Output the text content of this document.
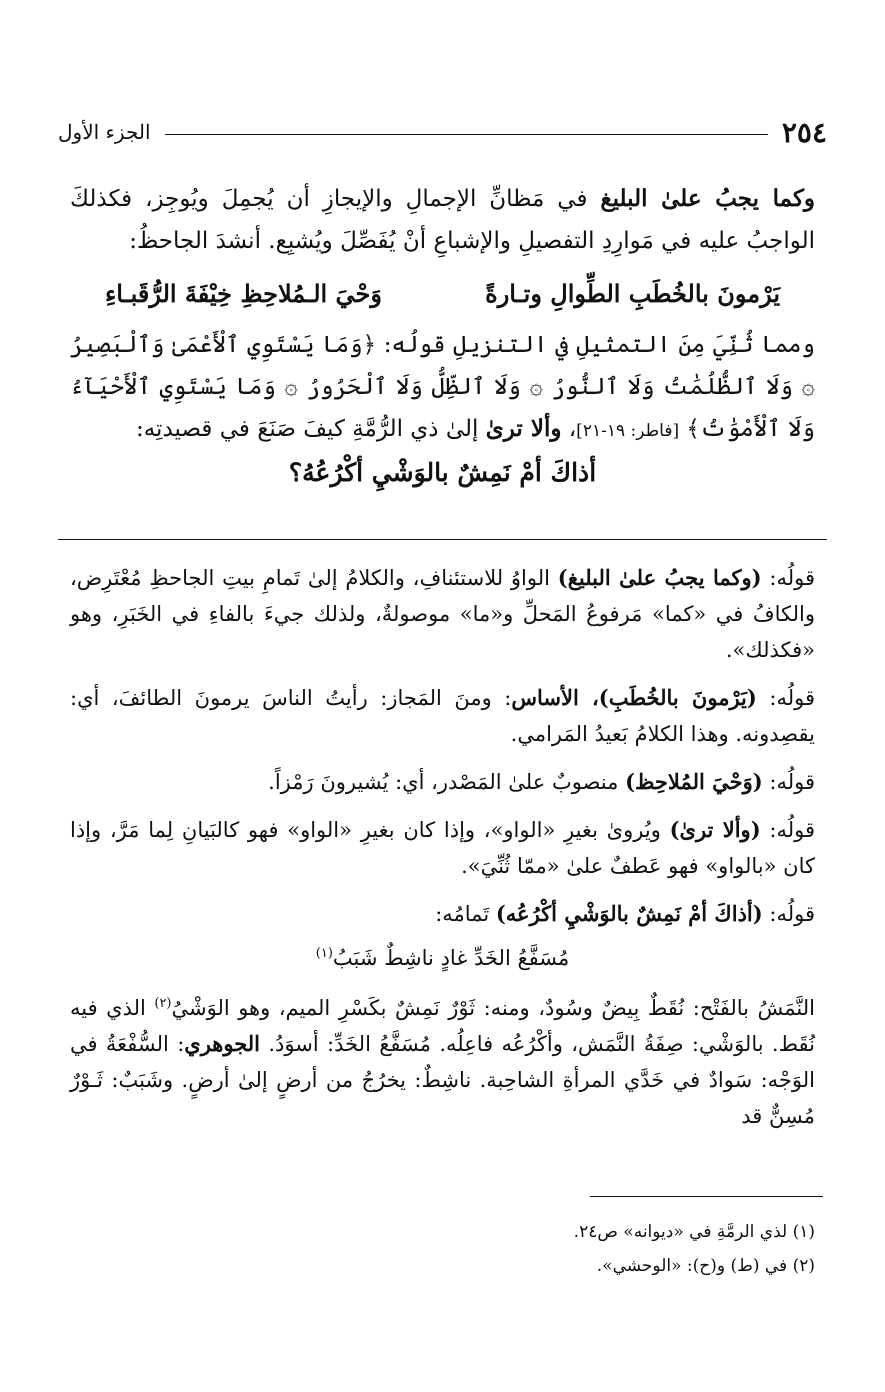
٢٥٤
الجزء الأول

وكما يجبُ علىٰ البليغ في مَظانِّ الإجمالِ والإيجازِ أن يُجمِلَ ويُوجِز، فكذلكَ الواجبُ عليه في مَوارِدِ التفصيلِ والإشباعِ أنْ يُفَصِّلَ ويُشبِع. أنشدَ الجاحظُ:

يَرْمونَ بالخُطَبِ الطِّوالِ وتـارةً
وَحْيَ الـمُلاحِظِ خِيْفَةَ الرُّقَبـاءِ

ومما ثُنِّيَ مِنَ التمثيلِ في التنزيلِ قولُه: ﴿وَمَا يَسْتَوِي ٱلْأَعْمَىٰ وَٱلْبَصِيرُ ۞ وَلَا ٱلظُّلُمَٰتُ وَلَا ٱلنُّورُ ۞ وَلَا ٱلظِّلُّ وَلَا ٱلْحَرُورُ ۞ وَمَا يَسْتَوِي ٱلْأَحْيَآءُ وَلَا ٱلْأَمْوَٰتُ﴾ [فاطر: ١٩-٢١]، وألا ترىٰ إلىٰ ذي الرُّمَّةِ كيفَ صَنَعَ في قصيدتِه:

أذاكَ أمْ نَمِشٌ بالوَشْيِ أكْرُعُهُ؟

قولُه: (وكما يجبُ علىٰ البليغ) الواوُ للاستئنافِ، والكلامُ إلىٰ تَمامِ بيتِ الجاحظِ مُعْتَرِض، والكافُ في «كما» مَرفوعُ المَحلِّ و«ما» موصولةٌ، ولذلك جيءَ بالفاءِ في الخَبَرِ، وهو «فكذلك».

قولُه: (يَرْمونَ بالخُطَبِ)، الأساس: ومنَ المَجاز: رأيتُ الناسَ يرمونَ الطائفَ، أي: يقصِدونه. وهذا الكلامُ بَعيدُ المَرامي.

قولُه: (وَحْيَ المُلاحِظ) منصوبٌ علىٰ المَصْدر، أي: يُشيرونَ رَمْزاً.

قولُه: (وألا ترىٰ) ويُروىٰ بغيرِ «الواو»، وإذا كان بغيرِ «الواو» فهو كالبَيانِ لِما مَرَّ، وإذا كان «بالواو» فهو عَطفٌ علىٰ «ممّا ثُنِّيَ».

قولُه: (أذاكَ أمْ نَمِشٌ بالوَشْيِ أكْرُعُه) تَمامُه:

مُسَفَّعُ الخَدِّ غادٍ ناشِطٌ شَبَبُ$^{(١)}$

النَّمَشُ بالفَتْح: نُقَطٌ بِيضٌ وسُودٌ، ومنه: ثَوْرٌ نَمِشٌ بكَسْرِ الميم، وهو الوَشْيُ$^{(٢)}$ الذي فيه نُقَط. بالوَشْي: صِفَةُ النَّمَش، وأكْرُعُه فاعِلُه. مُسَفَّعُ الخَدِّ: أسوَدُ. الجوهري: السُّفْعَةُ في الوَجْه: سَوادٌ في خَدَّي المرأةِ الشاحِبة. ناشِطٌ: يخرُجُ من أرضٍ إلىٰ أرضٍ. وشَبَبٌ: ثَـوْرٌ مُسِنٌّ قد

(١) لذي الرمَّةِ في «ديوانه» ص٢٤.
(٢) في (ط) و(ح): «الوحشي».
